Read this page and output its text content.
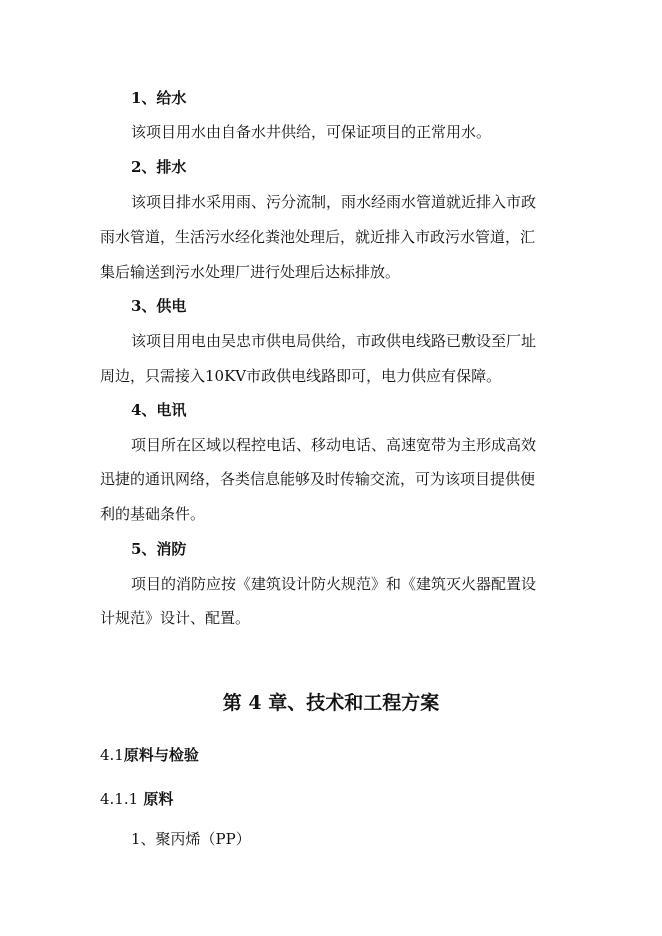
1、给水
该项目用水由自备水井供给，可保证项目的正常用水。
2、排水
该项目排水采用雨、污分流制，雨水经雨水管道就近排入市政
雨水管道，生活污水经化粪池处理后，就近排入市政污水管道，汇
集后输送到污水处理厂进行处理后达标排放。
3、供电
该项目用电由吴忠市供电局供给，市政供电线路已敷设至厂址
周边，只需接入10KV市政供电线路即可，电力供应有保障。
4、电讯
项目所在区域以程控电话、移动电话、高速宽带为主形成高效
迅捷的通讯网络，各类信息能够及时传输交流，可为该项目提供便
利的基础条件。
5、消防
项目的消防应按《建筑设计防火规范》和《建筑灭火器配置设
计规范》设计、配置。
第 4 章、技术和工程方案
4.1原料与检验
4.1.1 原料
1、聚丙烯（PP）
